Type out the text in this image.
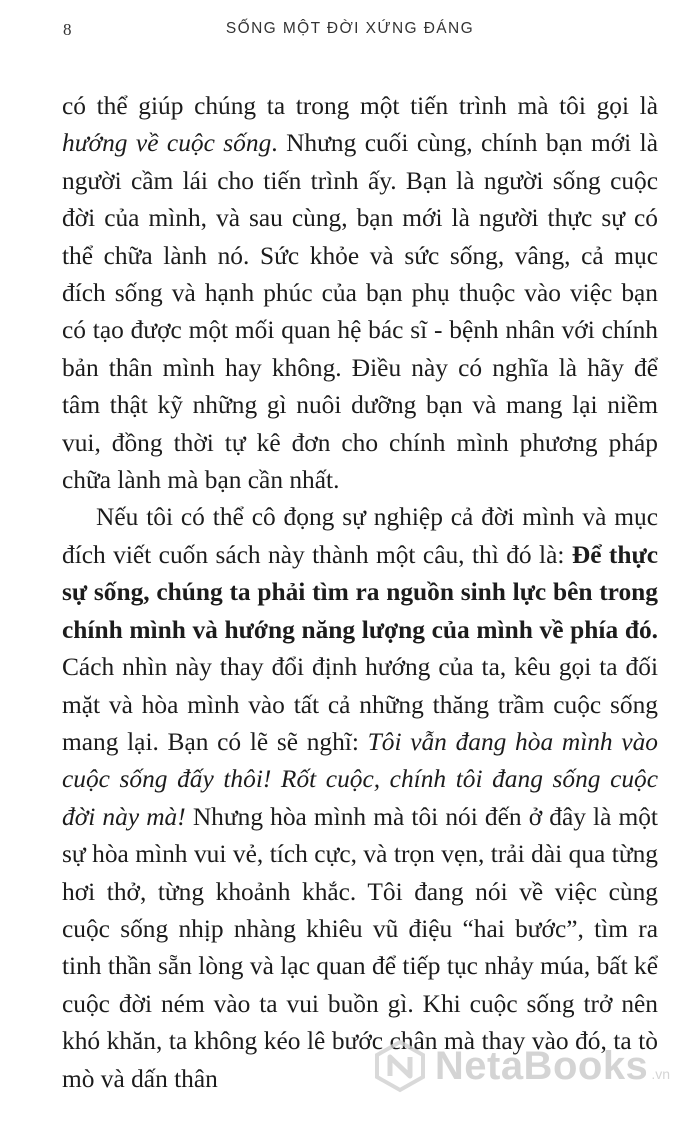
8	SỐNG MỘT ĐỜI XỨNG ĐÁNG

có thể giúp chúng ta trong một tiến trình mà tôi gọi là hướng về cuộc sống. Nhưng cuối cùng, chính bạn mới là người cầm lái cho tiến trình ấy. Bạn là người sống cuộc đời của mình, và sau cùng, bạn mới là người thực sự có thể chữa lành nó. Sức khỏe và sức sống, vâng, cả mục đích sống và hạnh phúc của bạn phụ thuộc vào việc bạn có tạo được một mối quan hệ bác sĩ - bệnh nhân với chính bản thân mình hay không. Điều này có nghĩa là hãy để tâm thật kỹ những gì nuôi dưỡng bạn và mang lại niềm vui, đồng thời tự kê đơn cho chính mình phương pháp chữa lành mà bạn cần nhất.

Nếu tôi có thể cô đọng sự nghiệp cả đời mình và mục đích viết cuốn sách này thành một câu, thì đó là: Để thực sự sống, chúng ta phải tìm ra nguồn sinh lực bên trong chính mình và hướng năng lượng của mình về phía đó. Cách nhìn này thay đổi định hướng của ta, kêu gọi ta đối mặt và hòa mình vào tất cả những thăng trầm cuộc sống mang lại. Bạn có lẽ sẽ nghĩ: Tôi vẫn đang hòa mình vào cuộc sống đấy thôi! Rốt cuộc, chính tôi đang sống cuộc đời này mà! Nhưng hòa mình mà tôi nói đến ở đây là một sự hòa mình vui vẻ, tích cực, và trọn vẹn, trải dài qua từng hơi thở, từng khoảnh khắc. Tôi đang nói về việc cùng cuộc sống nhịp nhàng khiêu vũ điệu “hai bước”, tìm ra tinh thần sẵn lòng và lạc quan để tiếp tục nhảy múa, bất kể cuộc đời ném vào ta vui buồn gì. Khi cuộc sống trở nên khó khăn, ta không kéo lê bước chân mà thay vào đó, ta tò mò và dấn thân	NetaBooks .vn
